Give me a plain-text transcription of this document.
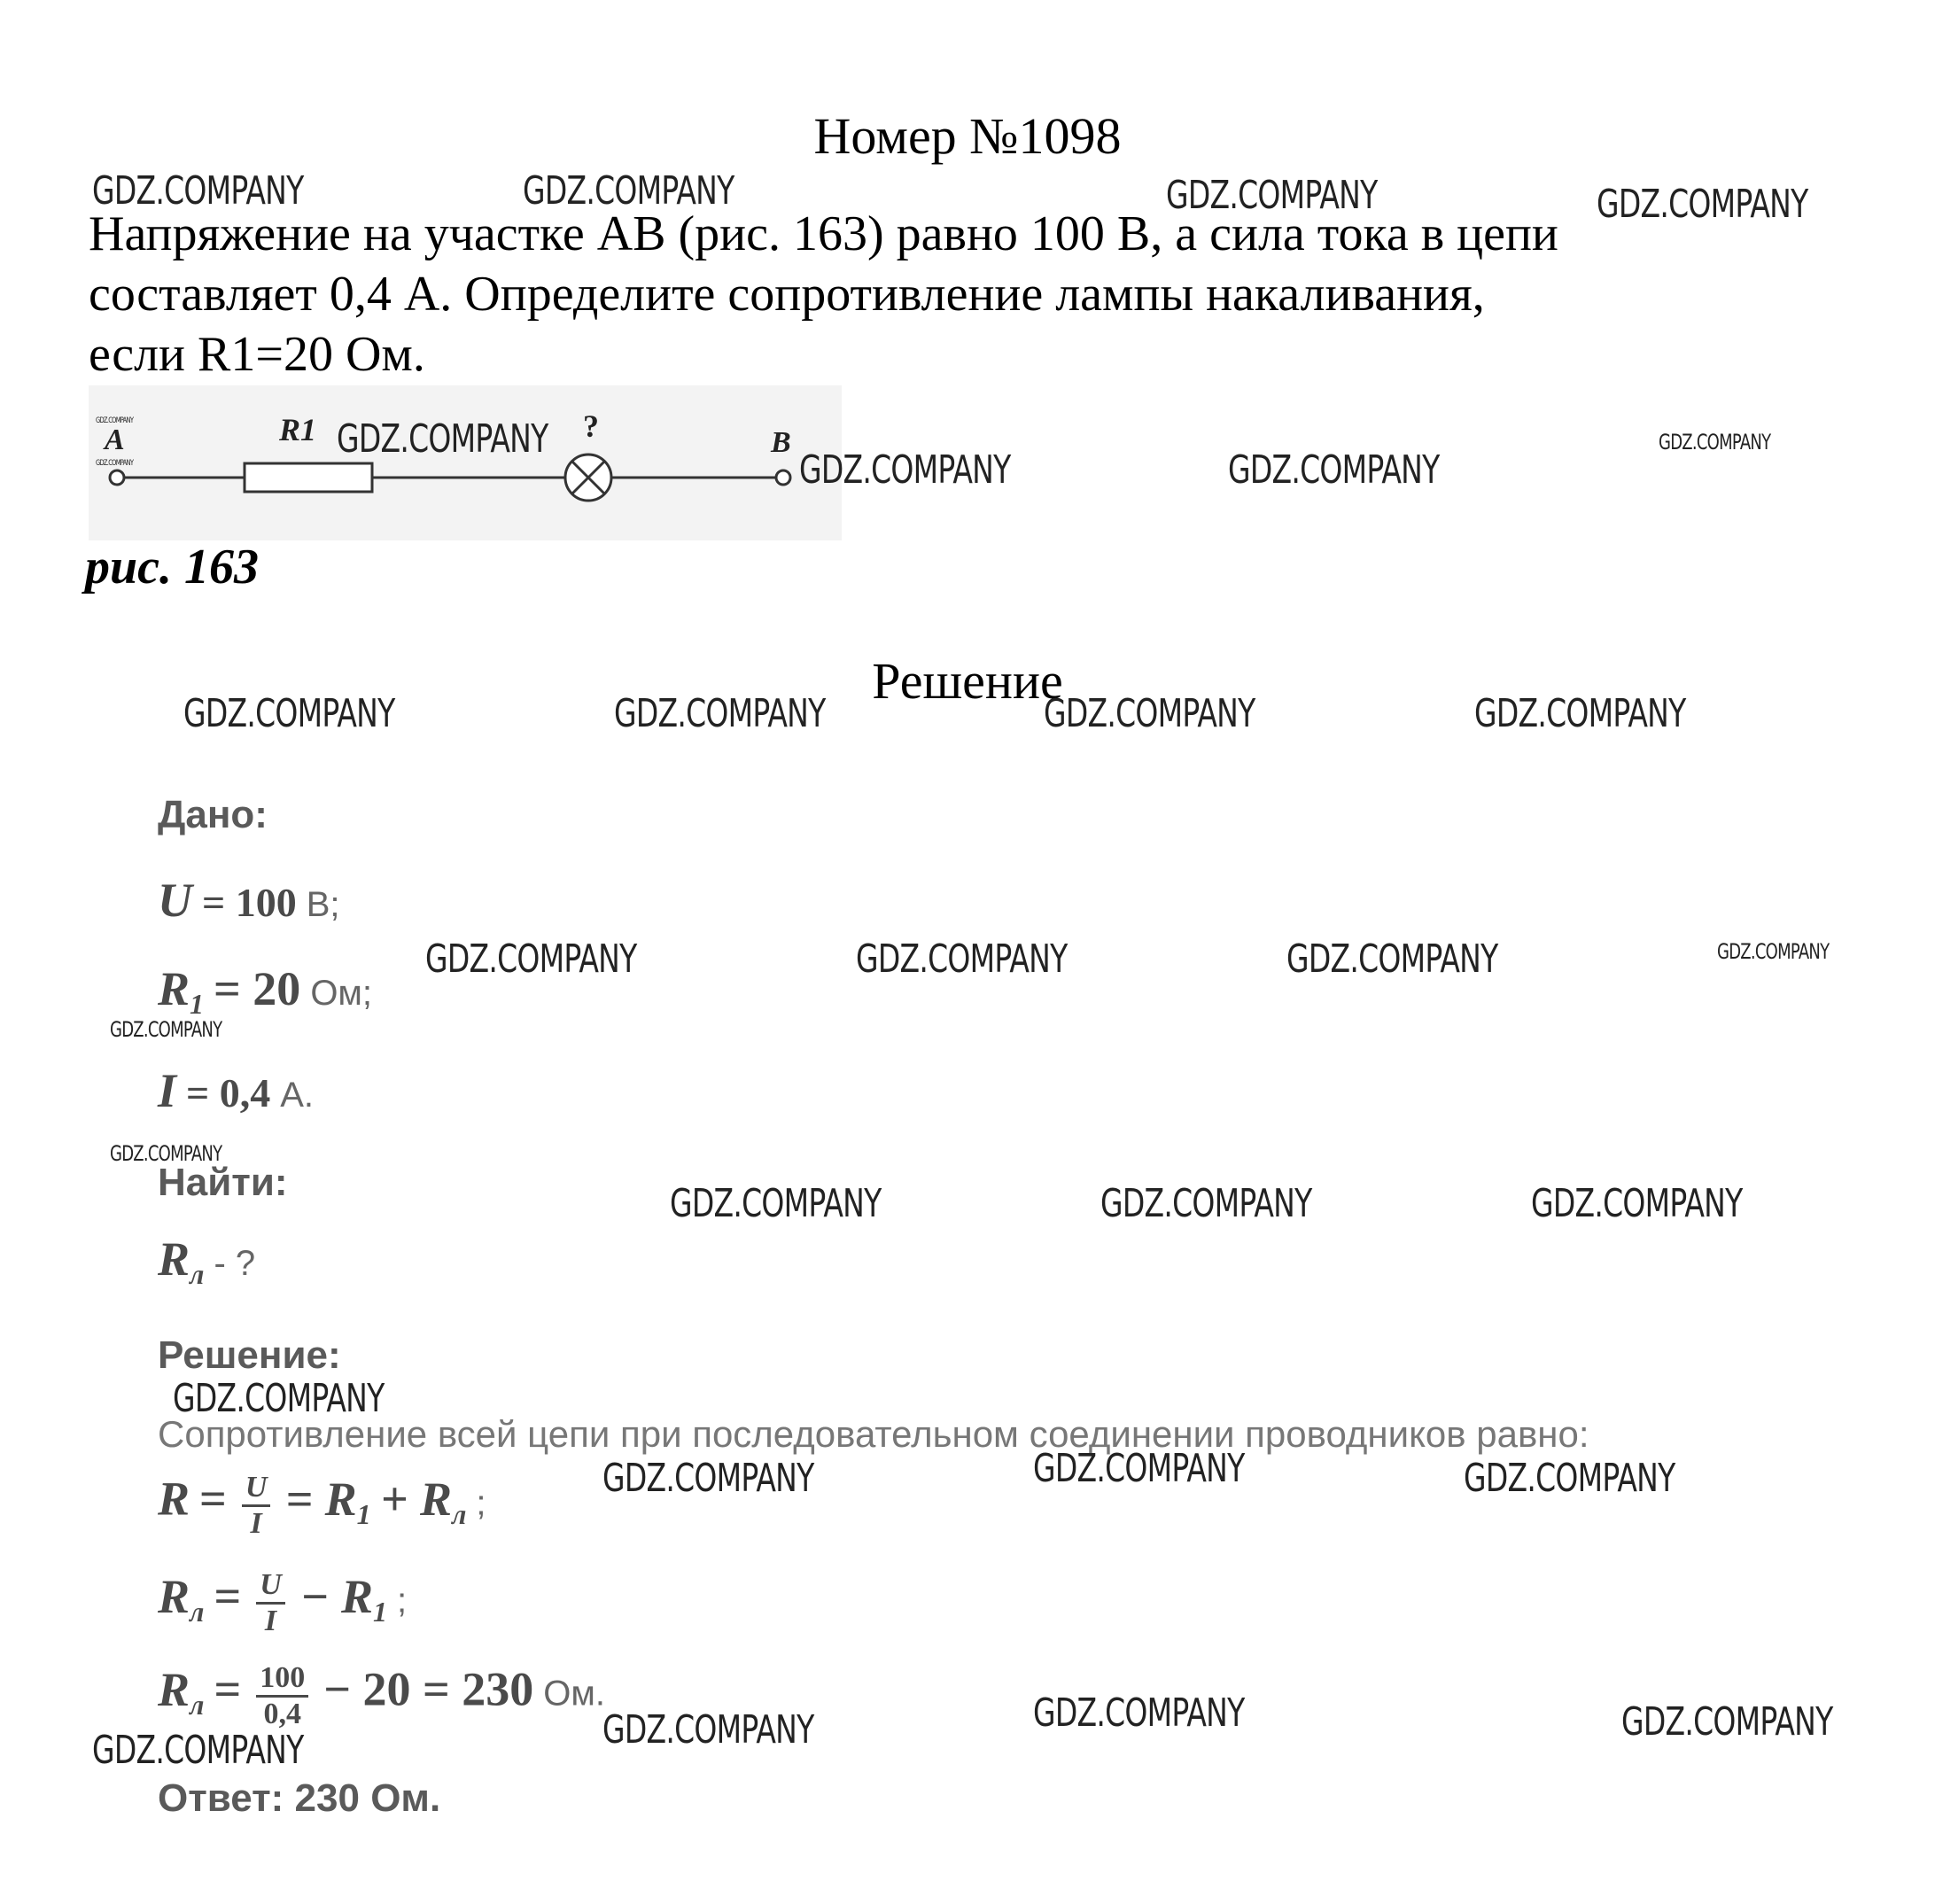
Номер №1098
Напряжение на участке АВ (рис. 163) равно 100 В, а сила тока в цепи
составляет 0,4 А. Определите сопротивление лампы накаливания,
если R1=20 Ом.
A	R1	?	B
рис. 163
Решение
Дано:
U = 100 В;
$R_1 = 20$ Ом;
I = 0,4 А.
Найти:
$R_л$ - ?
Решение:
Сопротивление всей цепи при последовательном соединении проводников равно:
$R = \frac{U}{I} = R_1 + R_л$ ;
$R_л = \frac{U}{I} - R_1$ ;
$R_л = \frac{100}{0,4} - 20 = 230$ Ом.
Ответ: 230 Ом.
GDZ.COMPANY	GDZ.COMPANY	GDZ.COMPANY	GDZ.COMPANY
GDZ.COMPANY
GDZ.COMPANY	GDZ.COMPANY
GDZ.COMPANY
GDZ.COMPANY
GDZ.COMPANY
GDZ.COMPANY	GDZ.COMPANY	GDZ.COMPANY	GDZ.COMPANY
GDZ.COMPANY	GDZ.COMPANY	GDZ.COMPANY	GDZ.COMPANY
GDZ.COMPANY
GDZ.COMPANY
GDZ.COMPANY	GDZ.COMPANY	GDZ.COMPANY
GDZ.COMPANY
GDZ.COMPANY	GDZ.COMPANY	GDZ.COMPANY
GDZ.COMPANY	GDZ.COMPANY	GDZ.COMPANY	GDZ.COMPANY
